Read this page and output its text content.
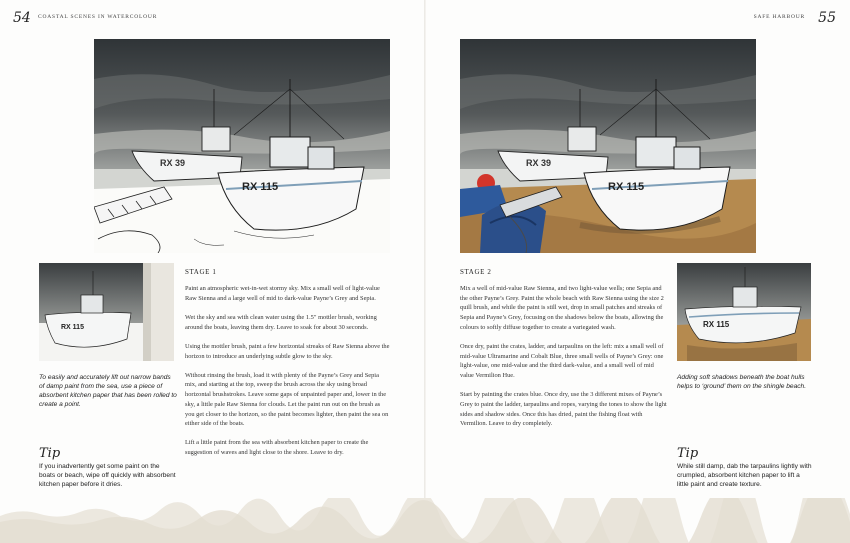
54 COASTAL SCENES IN WATERCOLOUR
RX 39
RX 115
RX 115
To easily and accurately lift out narrow bands of damp paint from the sea, use a piece of absorbent kitchen paper that has been rolled to create a point.
Tip
If you inadvertently get some paint on the boats or beach, wipe off quickly with absorbent kitchen paper before it dries.
STAGE 1

Paint an atmospheric wet-in-wet stormy sky. Mix a small well of light-value Raw Sienna and a large well of mid to dark-value Payne’s Grey and Sepia.

Wet the sky and sea with clean water using the 1.5" mottler brush, working around the boats, leaving them dry. Leave to soak for about 30 seconds.

Using the mottler brush, paint a few horizontal streaks of Raw Sienna above the horizon to introduce an underlying subtle glow to the sky.

Without rinsing the brush, load it with plenty of the Payne’s Grey and Sepia mix, and starting at the top, sweep the brush across the sky using broad horizontal brushstrokes. Leave some gaps of unpainted paper and, lower in the sky, a little pale Raw Sienna for clouds. Let the paint run out on the brush as you get closer to the horizon, so the paint becomes lighter, then paint the sea on either side of the boats.

Lift a little paint from the sea with absorbent kitchen paper to create the suggestion of waves and light close to the shore. Leave to dry.

55
SAFE HARBOUR
RX 39
RX 115
STAGE 2

Mix a well of mid-value Raw Sienna, and two light-value wells; one Sepia and the other Payne’s Grey. Paint the whole beach with Raw Sienna using the size 2 quill brush, and while the paint is still wet, drop in small patches and streaks of Sepia and Payne’s Grey, focusing on the shadows below the boats, allowing the colours to softly diffuse together to create a variegated wash.

Once dry, paint the crates, ladder, and tarpaulins on the left: mix a small well of mid-value Ultramarine and Cobalt Blue, three small wells of Payne’s Grey: one light-value, one mid-value and the third dark-value, and a small well of mid value Vermilion Hue.

Start by painting the crates blue. Once dry, use the 3 different mixes of Payne’s Grey to paint the ladder, tarpaulins and ropes, varying the tones to show the light sides and shadow sides. Once this has dried, paint the fishing float with Vermilion. Leave to dry completely.

RX 115
Adding soft shadows beneath the boat hulls helps to ‘ground’ them on the shingle beach.
Tip
While still damp, dab the tarpaulins lightly with crumpled, absorbent kitchen paper to lift a little paint and create texture.
